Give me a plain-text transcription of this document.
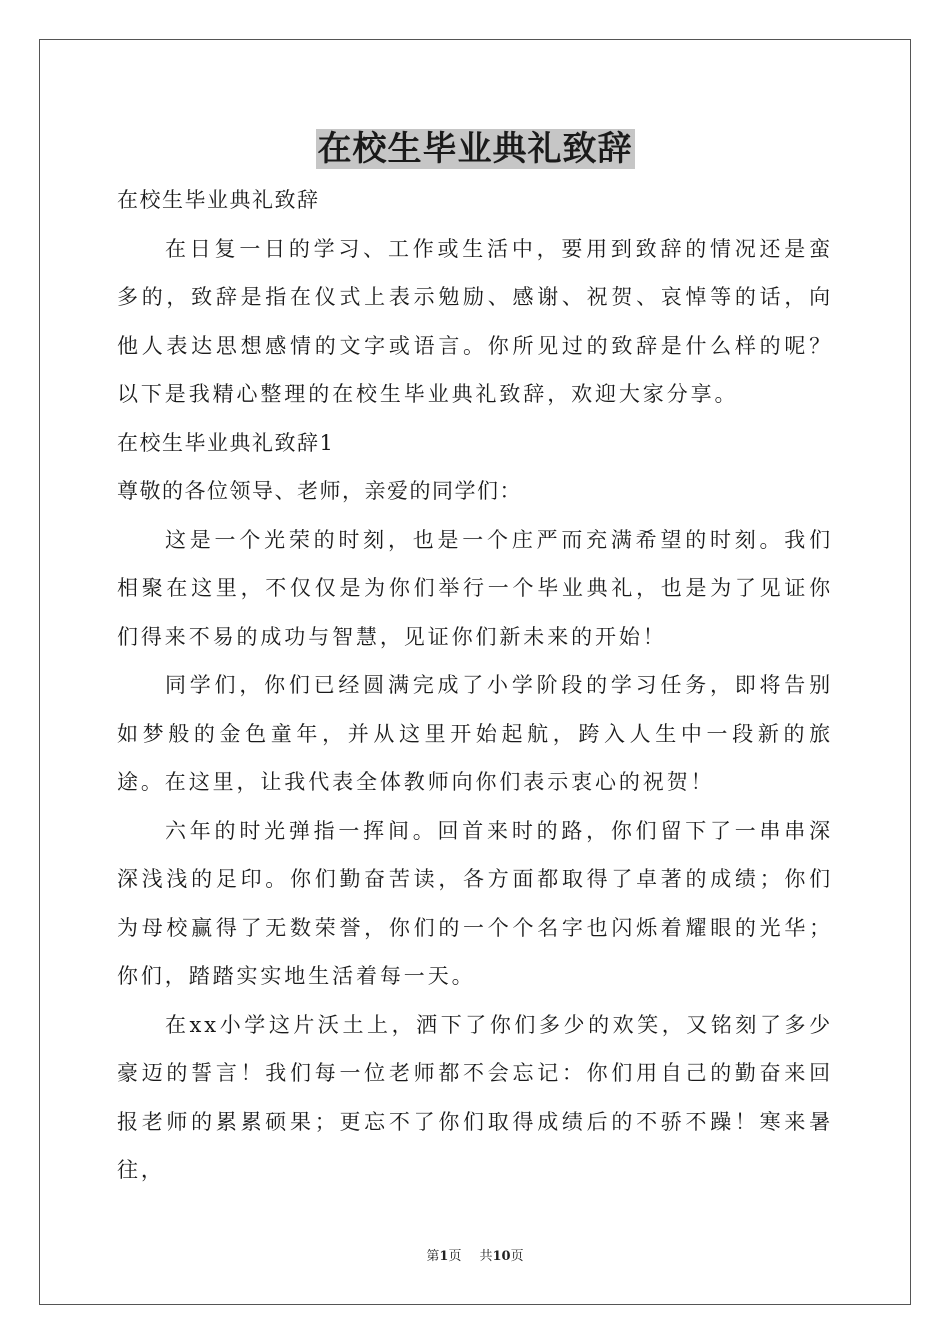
在校生毕业典礼致辞

在校生毕业典礼致辞

在日复一日的学习、工作或生活中，要用到致辞的情况还是蛮多的，致辞是指在仪式上表示勉励、感谢、祝贺、哀悼等的话，向他人表达思想感情的文字或语言。你所见过的致辞是什么样的呢？以下是我精心整理的在校生毕业典礼致辞，欢迎大家分享。

在校生毕业典礼致辞1

尊敬的各位领导、老师，亲爱的同学们：

这是一个光荣的时刻，也是一个庄严而充满希望的时刻。我们相聚在这里，不仅仅是为你们举行一个毕业典礼，也是为了见证你们得来不易的成功与智慧，见证你们新未来的开始！

同学们，你们已经圆满完成了小学阶段的学习任务，即将告别如梦般的金色童年，并从这里开始起航，跨入人生中一段新的旅途。在这里，让我代表全体教师向你们表示衷心的祝贺！

六年的时光弹指一挥间。回首来时的路，你们留下了一串串深深浅浅的足印。你们勤奋苦读，各方面都取得了卓著的成绩；你们为母校赢得了无数荣誉，你们的一个个名字也闪烁着耀眼的光华；你们，踏踏实实地生活着每一天。

在xx小学这片沃土上，洒下了你们多少的欢笑，又铭刻了多少豪迈的誓言！我们每一位老师都不会忘记：你们用自己的勤奋来回报老师的累累硕果；更忘不了你们取得成绩后的不骄不躁！寒来暑往，

第1页 共10页
